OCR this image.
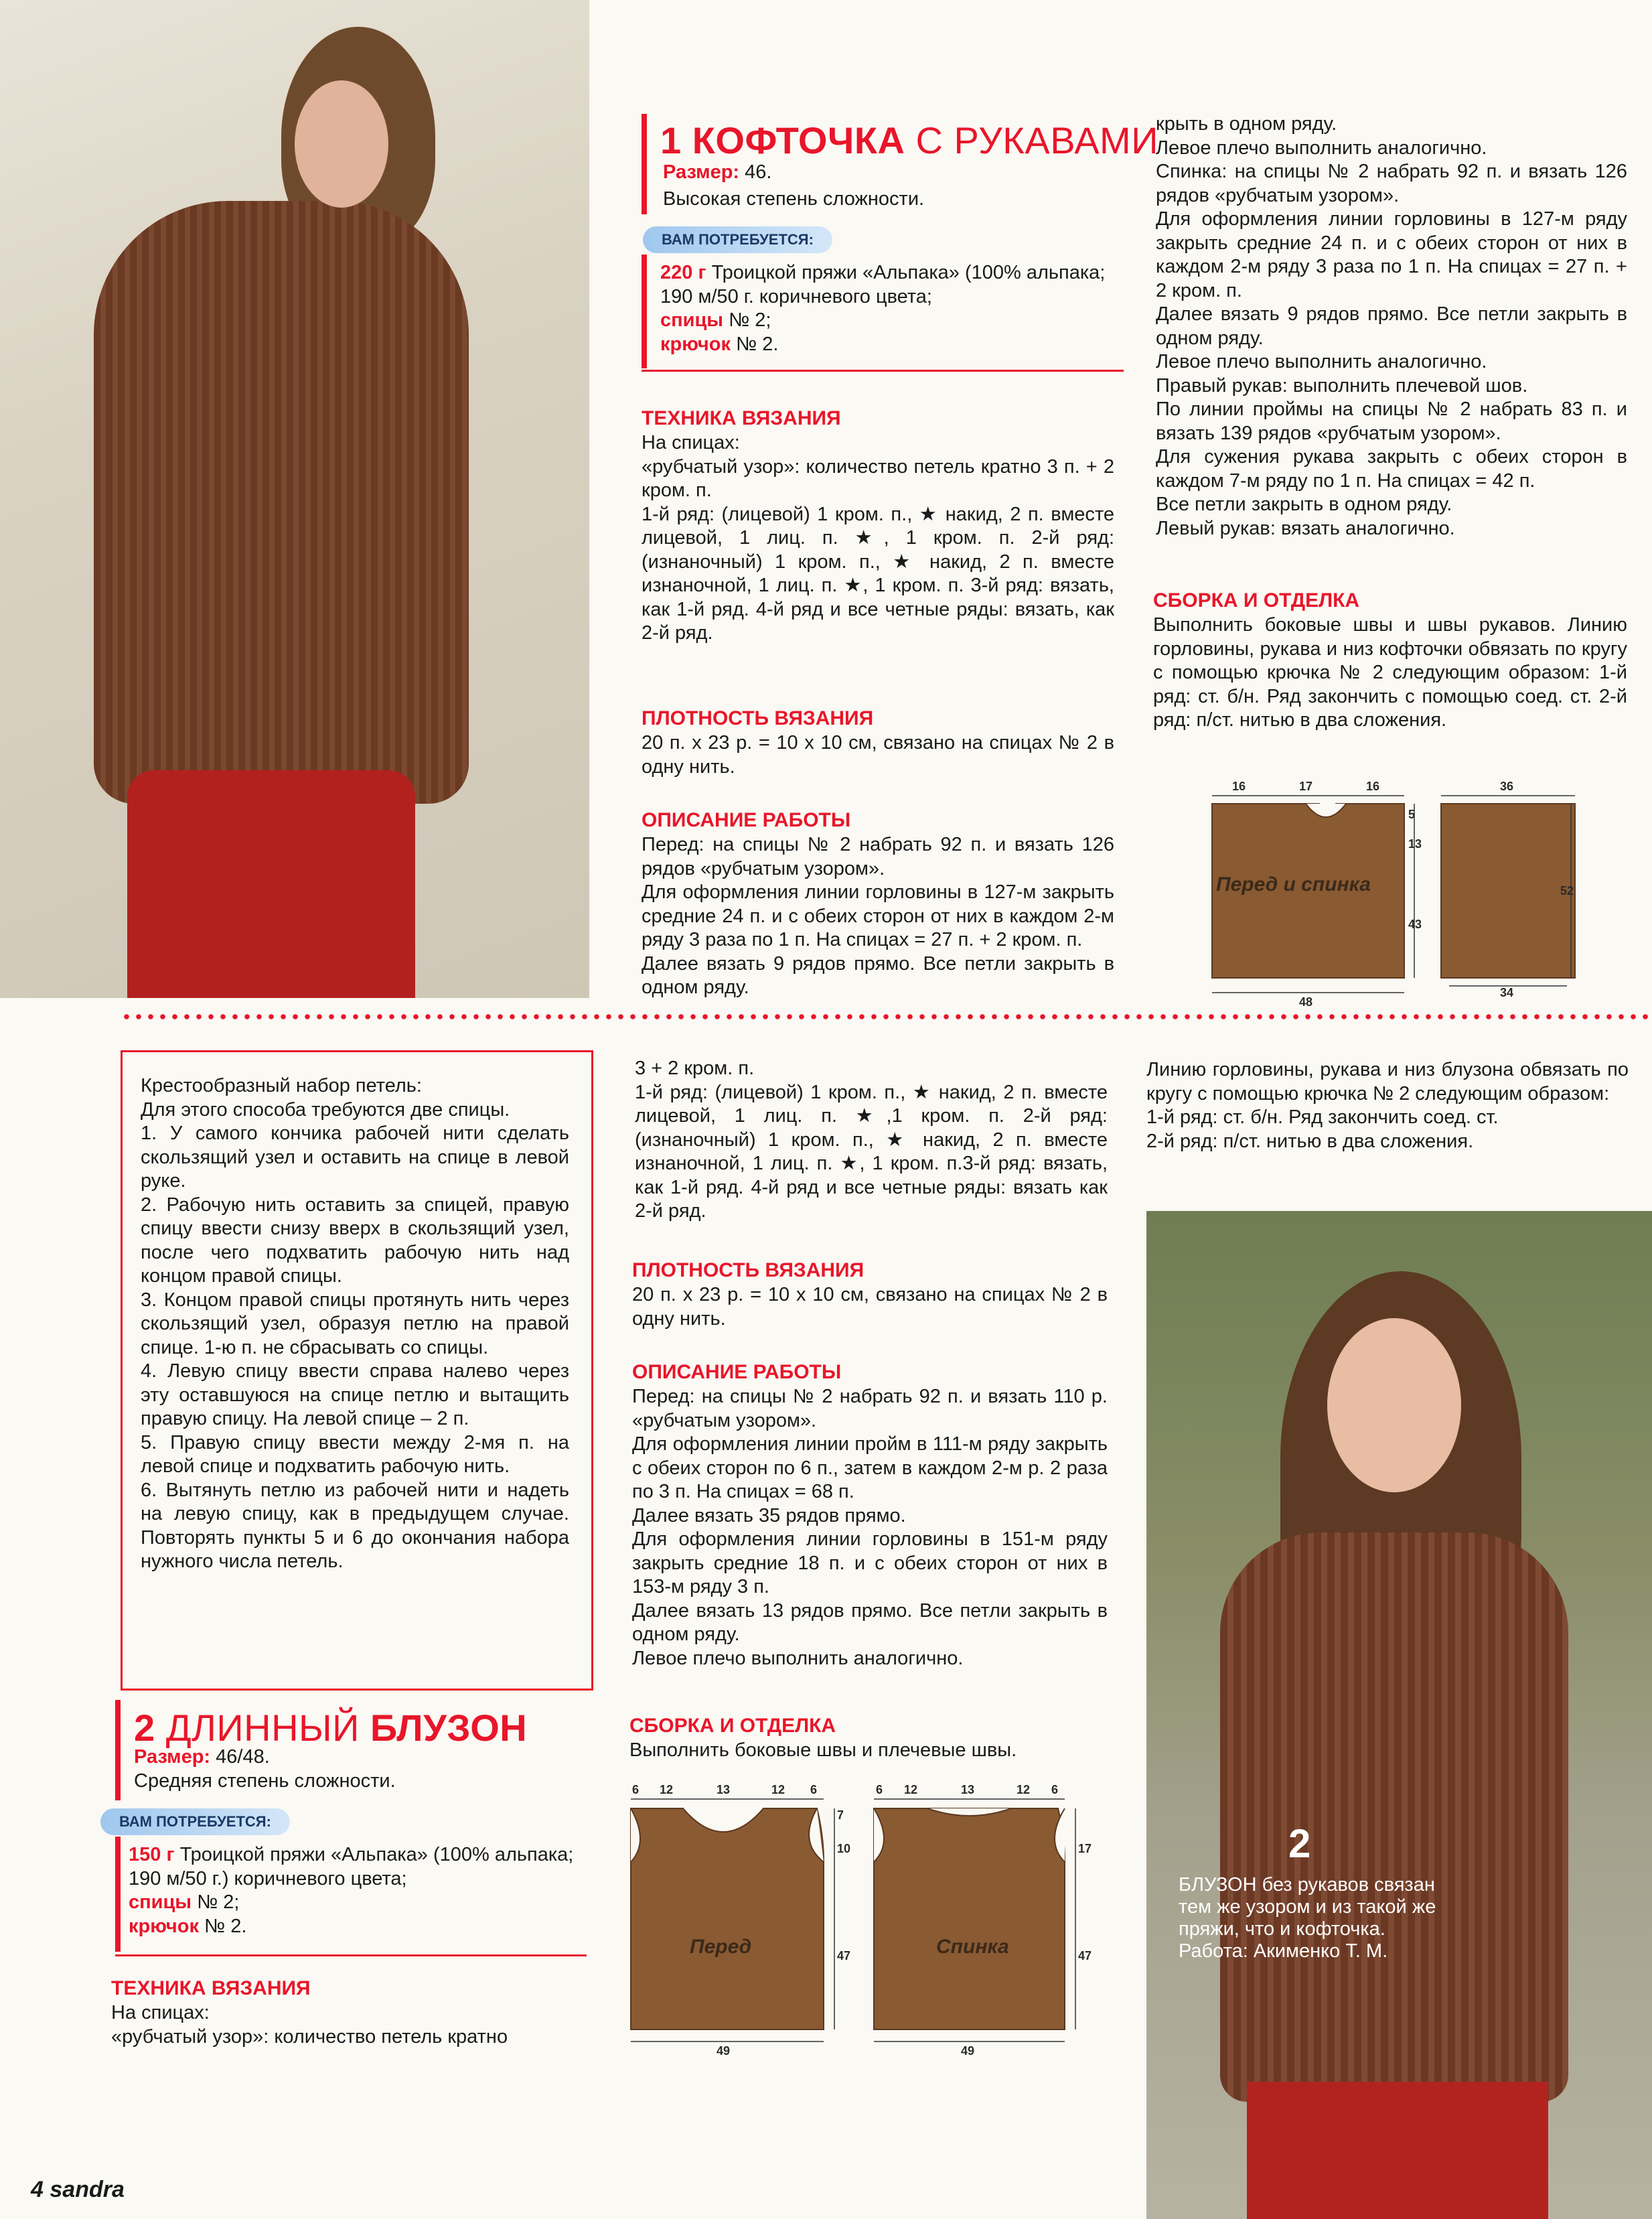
1 КОФТОЧКА С РУКАВАМИ
Размер: 46.
Высокая степень сложности.
ВАМ ПОТРЕБУЕТСЯ:
220 г Троицкой пряжи «Альпака» (100% альпака; 190 м/50 г. коричневого цвета;
спицы № 2;
крючок № 2.
ТЕХНИКА ВЯЗАНИЯ
На спицах:
«рубчатый узор»: количество петель кратно 3 п. + 2 кром. п.
1-й ряд: (лицевой) 1 кром. п., ★ накид, 2 п. вместе лицевой, 1 лиц. п. ★, 1 кром. п. 2-й ряд: (изнаночный) 1 кром. п., ★ накид, 2 п. вместе изнаночной, 1 лиц. п. ★, 1 кром. п. 3-й ряд: вязать, как 1-й ряд. 4-й ряд и все четные ряды: вязать, как 2-й ряд.
ПЛОТНОСТЬ ВЯЗАНИЯ
20 п. х 23 р. = 10 х 10 см, связано на спицах № 2 в одну нить.
ОПИСАНИЕ РАБОТЫ
Перед: на спицы № 2 набрать 92 п. и вязать 126 рядов «рубчатым узором».
Для оформления линии горловины в 127-м закрыть средние 24 п. и с обеих сторон от них в каждом 2-м ряду 3 раза по 1 п. На спицах = 27 п. + 2 кром. п.
Далее вязать 9 рядов прямо. Все петли закрыть в одном ряду.
крыть в одном ряду.
Левое плечо выполнить аналогично.
Спинка: на спицы № 2 набрать 92 п. и вязать 126 рядов «рубчатым узором».
Для оформления линии горловины в 127-м ряду закрыть средние 24 п. и с обеих сторон от них в каждом 2-м ряду 3 раза по 1 п. На спицах = 27 п. + 2 кром. п.
Далее вязать 9 рядов прямо. Все петли закрыть в одном ряду.
Левое плечо выполнить аналогично.
Правый рукав: выполнить плечевой шов.
По линии проймы на спицы № 2 набрать 83 п. и вязать 139 рядов «рубчатым узором».
Для сужения рукава закрыть с обеих сторон в каждом 7-м ряду по 1 п. На спицах = 42 п.
Все петли закрыть в одном ряду.
Левый рукав: вязать аналогично.
СБОРКА И ОТДЕЛКА
Выполнить боковые швы и швы рукавов. Линию горловины, рукава и низ кофточки обвязать по кругу с помощью крючка № 2 следующим образом: 1-й ряд: ст. б/н. Ряд закончить с помощью соед. ст. 2-й ряд: п/ст. нитью в два сложения.
16	17	16
5
13
43
48
Перед и спинка
36
52
34
Крестообразный набор петель:
Для этого способа требуются две спицы.
1. У самого кончика рабочей нити сделать скользящий узел и оставить на спице в левой руке.
2. Рабочую нить оставить за спицей, правую спицу ввести снизу вверх в скользящий узел, после чего подхватить рабочую нить над концом правой спицы.
3. Концом правой спицы протянуть нить через скользящий узел, образуя петлю на правой спице. 1-ю п. не сбрасывать со спицы.
4. Левую спицу ввести справа налево через эту оставшуюся на спице петлю и вытащить правую спицу. На левой спице – 2 п.
5. Правую спицу ввести между 2-мя п. на левой спице и подхватить рабочую нить.
6. Вытянуть петлю из рабочей нити и надеть на левую спицу, как в предыдущем случае. Повторять пункты 5 и 6 до окончания набора нужного числа петель.
2 ДЛИННЫЙ БЛУЗОН
Размер: 46/48.
Средняя степень сложности.
ВАМ ПОТРЕБУЕТСЯ:
150 г Троицкой пряжи «Альпака» (100% альпака; 190 м/50 г.) коричневого цвета;
спицы № 2;
крючок № 2.
ТЕХНИКА ВЯЗАНИЯ
На спицах:
«рубчатый узор»: количество петель кратно
3 + 2 кром. п.
1-й ряд: (лицевой) 1 кром. п., ★ накид, 2 п. вместе лицевой, 1 лиц. п. ★,1 кром. п. 2-й ряд: (изнаночный) 1 кром. п., ★ накид, 2 п. вместе изнаночной, 1 лиц. п. ★, 1 кром. п.3-й ряд: вязать, как 1-й ряд. 4-й ряд и все четные ряды: вязать как 2-й ряд.
ПЛОТНОСТЬ ВЯЗАНИЯ
20 п. х 23 р. = 10 х 10 см, связано на спицах № 2 в одну нить.
ОПИСАНИЕ РАБОТЫ
Перед: на спицы № 2 набрать 92 п. и вязать 110 р. «рубчатым узором».
Для оформления линии пройм в 111-м ряду закрыть с обеих сторон по 6 п., затем в каждом 2-м р. 2 раза по 3 п. На спицах = 68 п.
Далее вязать 35 рядов прямо.
Для оформления линии горловины в 151-м ряду закрыть средние 18 п. и с обеих сторон от них в 153-м ряду 3 п.
Далее вязать 13 рядов прямо. Все петли закрыть в одном ряду.
Левое плечо выполнить аналогично.
СБОРКА И ОТДЕЛКА
Выполнить боковые швы и плечевые швы.
6 12	13	12 6	6 12	13	12 6
7
10
47
17
47
49	49
Перед	Спинка
Линию горловины, рукава и низ блузона обвязать по кругу с помощью крючка № 2 следующим образом:
1-й ряд: ст. б/н. Ряд закончить соед. ст.
2-й ряд: п/ст. нитью в два сложения.
2
БЛУЗОН без рукавов связан тем же узором и из такой же пряжи, что и кофточка.
Работа: Акименко Т. М.
4 sandra
